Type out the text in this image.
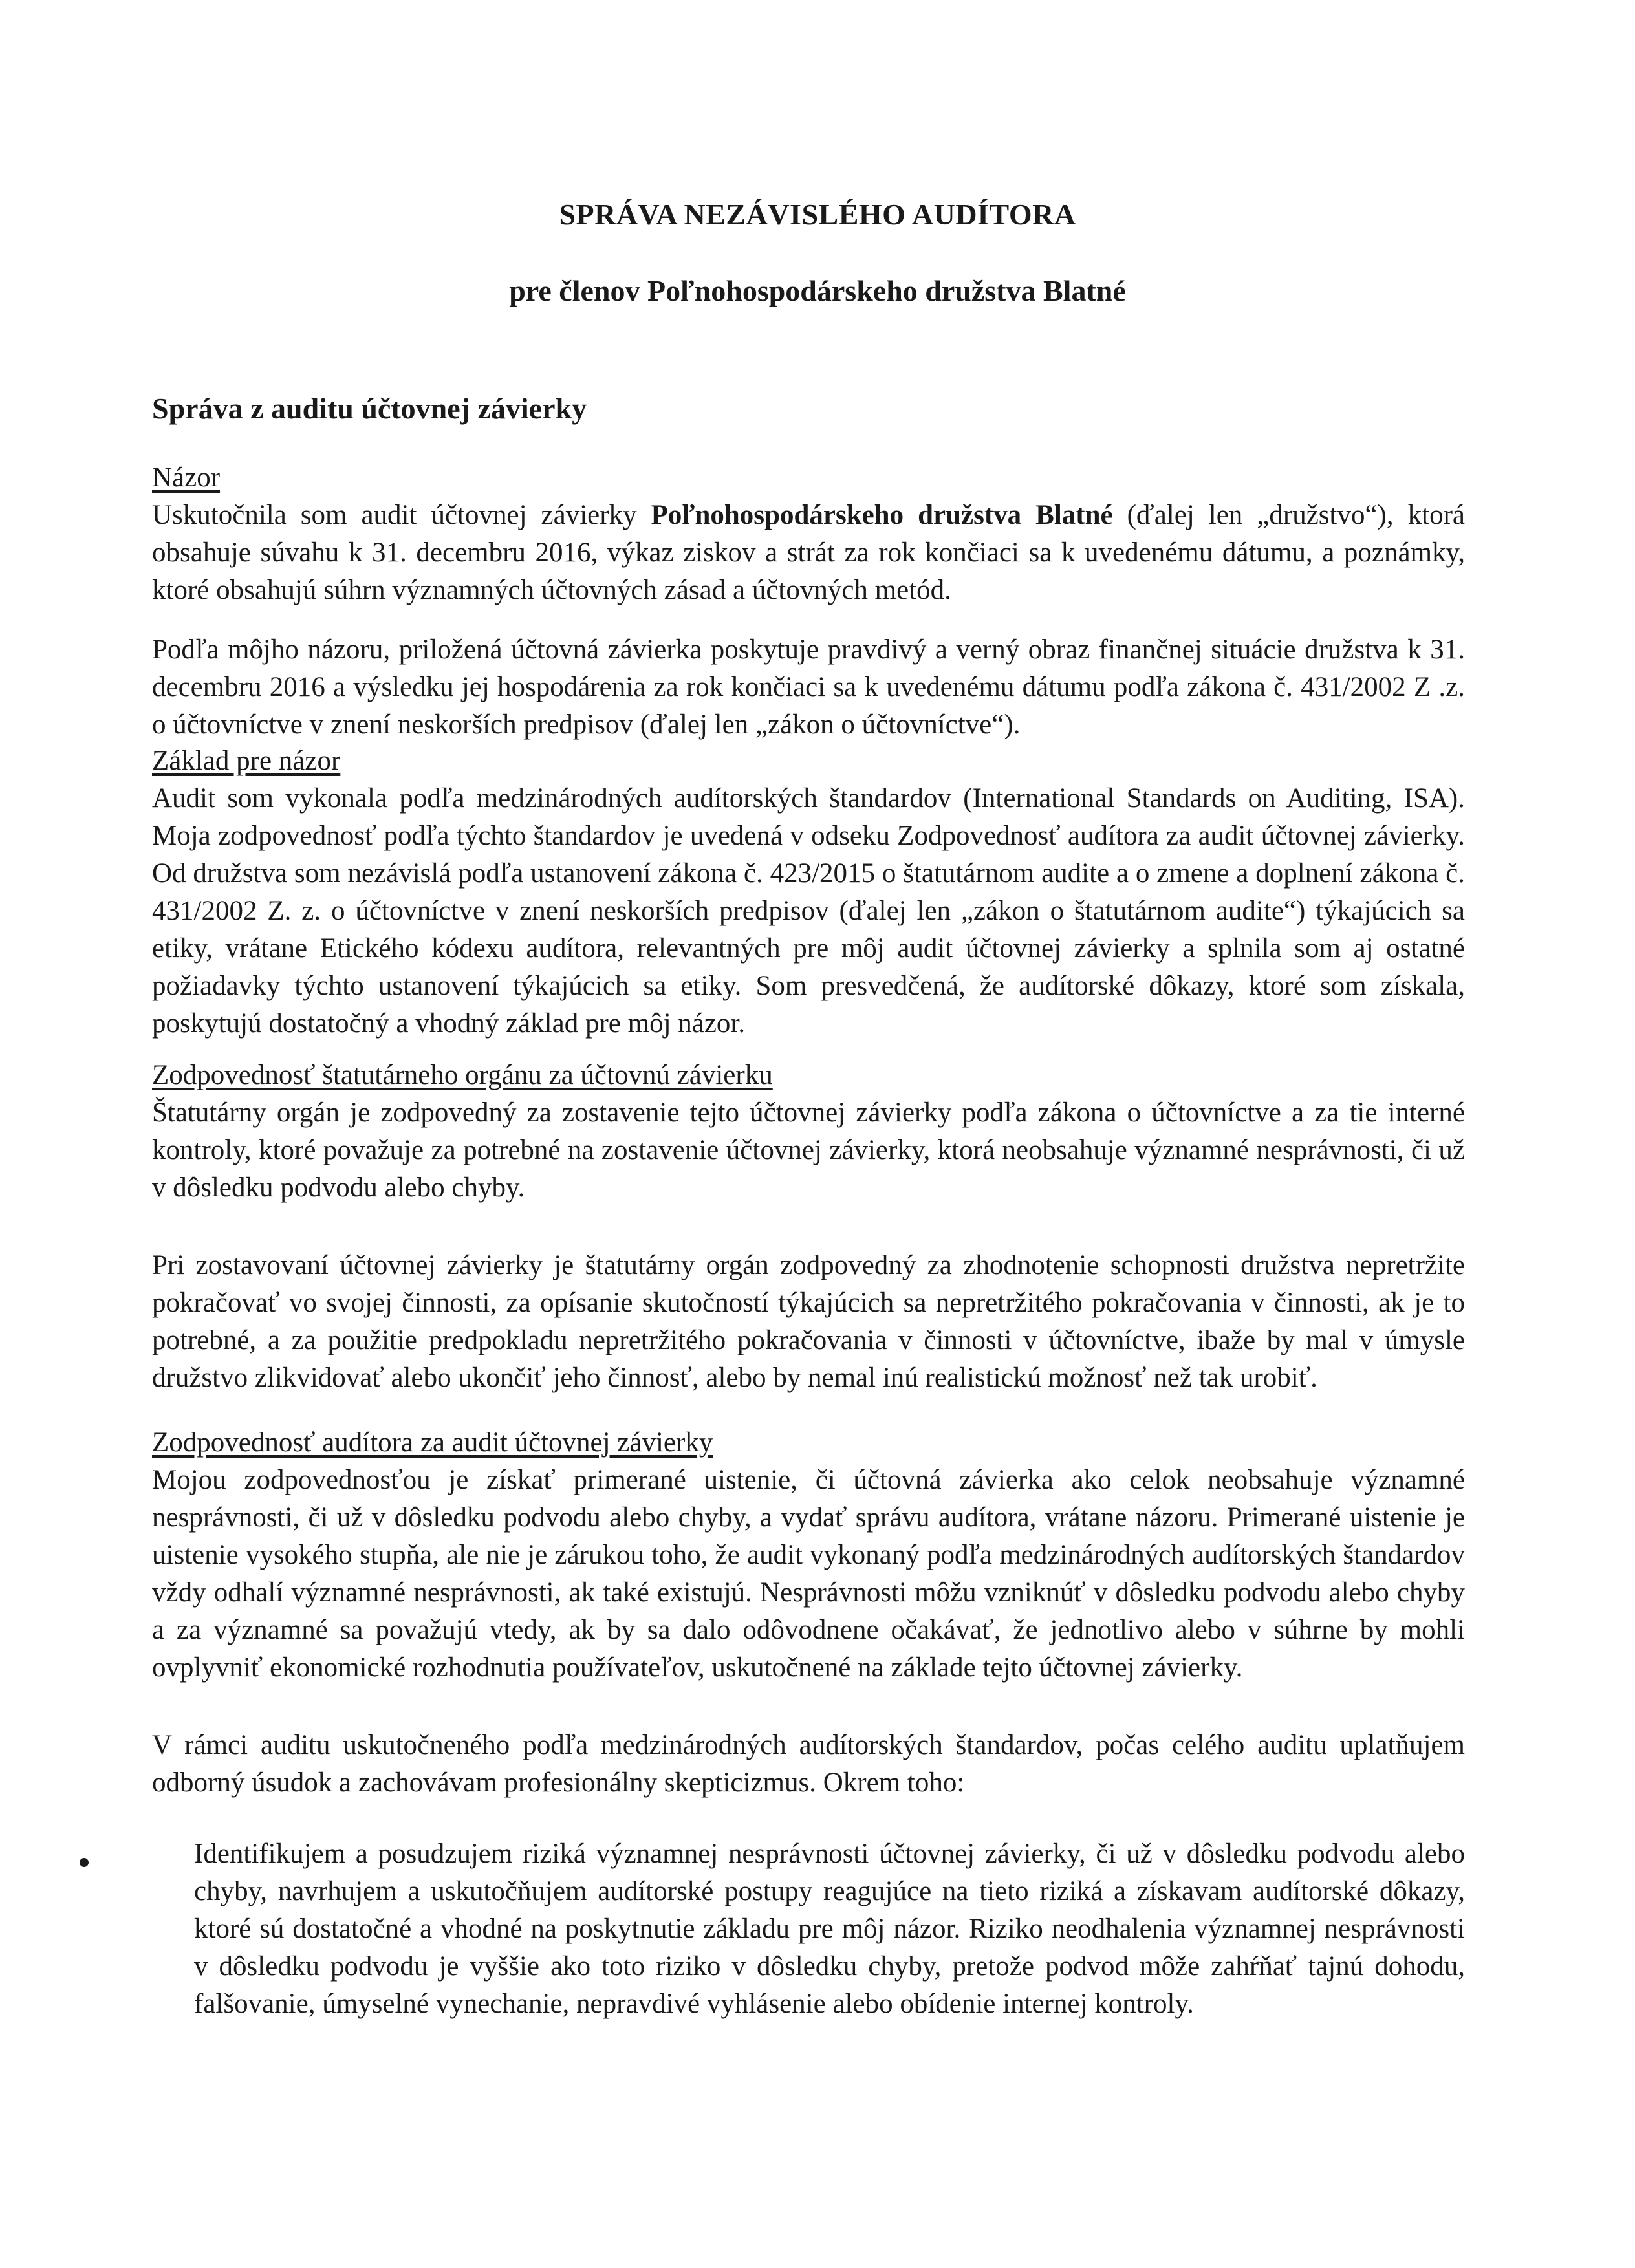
SPRÁVA NEZÁVISLÉHO AUDÍTORA
pre členov Poľnohospodárskeho družstva Blatné
Správa z auditu účtovnej závierky

Názor

Uskutočnila som audit účtovnej závierky Poľnohospodárskeho družstva Blatné (ďalej len „družstvo“), ktorá obsahuje súvahu k 31. decembru 2016, výkaz ziskov a strát za rok končiaci sa k uvedenému dátumu, a poznámky, ktoré obsahujú súhrn významných účtovných zásad a účtovných metód.

Podľa môjho názoru, priložená účtovná závierka poskytuje pravdivý a verný obraz finančnej situácie družstva k 31. decembru 2016 a výsledku jej hospodárenia za rok končiaci sa k uvedenému dátumu podľa zákona č. 431/2002 Z .z. o účtovníctve v znení neskorších predpisov (ďalej len „zákon o účtovníctve“).

Základ pre názor

Audit som vykonala podľa medzinárodných audítorských štandardov (International Standards on Auditing, ISA). Moja zodpovednosť podľa týchto štandardov je uvedená v odseku Zodpovednosť audítora za audit účtovnej závierky. Od družstva som nezávislá podľa ustanovení zákona č. 423/2015 o štatutárnom audite a o zmene a doplnení zákona č. 431/2002 Z. z. o účtovníctve v znení neskorších predpisov (ďalej len „zákon o štatutárnom audite“) týkajúcich sa etiky, vrátane Etického kódexu audítora, relevantných pre môj audit účtovnej závierky a splnila som aj ostatné požiadavky týchto ustanovení týkajúcich sa etiky. Som presvedčená, že audítorské dôkazy, ktoré som získala, poskytujú dostatočný a vhodný základ pre môj názor.

Zodpovednosť štatutárneho orgánu za účtovnú závierku

Štatutárny orgán je zodpovedný za zostavenie tejto účtovnej závierky podľa zákona o účtovníctve a za tie interné kontroly, ktoré považuje za potrebné na zostavenie účtovnej závierky, ktorá neobsahuje významné nesprávnosti, či už v dôsledku podvodu alebo chyby.

Pri zostavovaní účtovnej závierky je štatutárny orgán zodpovedný za zhodnotenie schopnosti družstva nepretržite pokračovať vo svojej činnosti, za opísanie skutočností týkajúcich sa nepretržitého pokračovania v činnosti, ak je to potrebné, a za použitie predpokladu nepretržitého pokračovania v činnosti v účtovníctve, ibaže by mal v úmysle družstvo zlikvidovať alebo ukončiť jeho činnosť, alebo by nemal inú realistickú možnosť než tak urobiť.

Zodpovednosť audítora za audit účtovnej závierky

Mojou zodpovednosťou je získať primerané uistenie, či účtovná závierka ako celok neobsahuje významné nesprávnosti, či už v dôsledku podvodu alebo chyby, a vydať správu audítora, vrátane názoru. Primerané uistenie je uistenie vysokého stupňa, ale nie je zárukou toho, že audit vykonaný podľa medzinárodných audítorských štandardov vždy odhalí významné nesprávnosti, ak také existujú. Nesprávnosti môžu vzniknúť v dôsledku podvodu alebo chyby a za významné sa považujú vtedy, ak by sa dalo odôvodnene očakávať, že jednotlivo alebo v súhrne by mohli ovplyvniť ekonomické rozhodnutia používateľov, uskutočnené na základe tejto účtovnej závierky.

V rámci auditu uskutočneného podľa medzinárodných audítorských štandardov, počas celého auditu uplatňujem odborný úsudok a zachovávam profesionálny skepticizmus. Okrem toho:

Identifikujem a posudzujem riziká významnej nesprávnosti účtovnej závierky, či už v dôsledku podvodu alebo chyby, navrhujem a uskutočňujem audítorské postupy reagujúce na tieto riziká a získavam audítorské dôkazy, ktoré sú dostatočné a vhodné na poskytnutie základu pre môj názor. Riziko neodhalenia významnej nesprávnosti v dôsledku podvodu je vyššie ako toto riziko v dôsledku chyby, pretože podvod môže zahŕňať tajnú dohodu, falšovanie, úmyselné vynechanie, nepravdivé vyhlásenie alebo obídenie internej kontroly.
